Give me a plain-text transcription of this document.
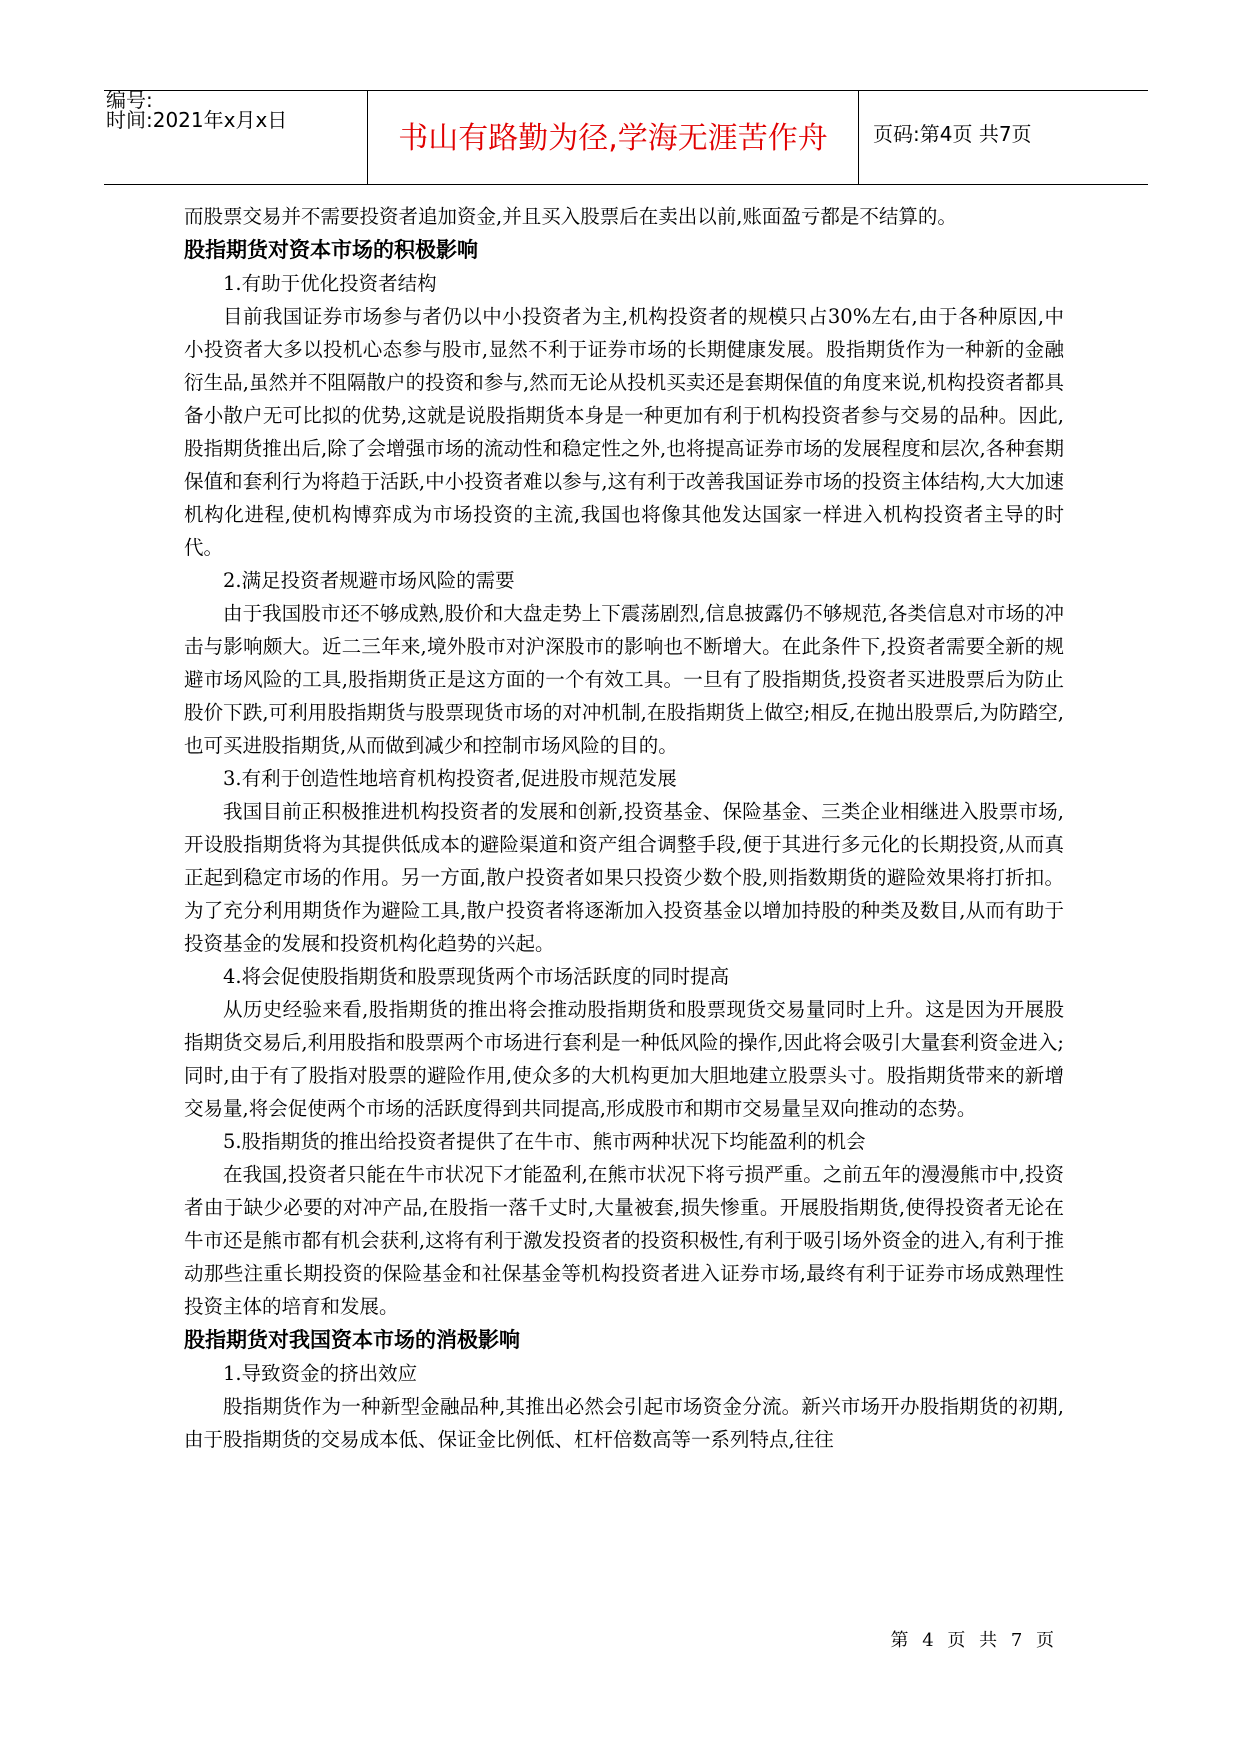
编号:
时间:2021年x月x日
书山有路勤为径,学海无涯苦作舟	页码:第4页 共7页

而股票交易并不需要投资者追加资金,并且买入股票后在卖出以前,账面盈亏都是不结算的。

股指期货对资本市场的积极影响

1.有助于优化投资者结构

目前我国证券市场参与者仍以中小投资者为主,机构投资者的规模只占30%左右,由于各种原因,中小投资者大多以投机心态参与股市,显然不利于证券市场的长期健康发展。股指期货作为一种新的金融衍生品,虽然并不阻隔散户的投资和参与,然而无论从投机买卖还是套期保值的角度来说,机构投资者都具备小散户无可比拟的优势,这就是说股指期货本身是一种更加有利于机构投资者参与交易的品种。因此,股指期货推出后,除了会增强市场的流动性和稳定性之外,也将提高证券市场的发展程度和层次,各种套期保值和套利行为将趋于活跃,中小投资者难以参与,这有利于改善我国证券市场的投资主体结构,大大加速机构化进程,使机构博弈成为市场投资的主流,我国也将像其他发达国家一样进入机构投资者主导的时代。

2.满足投资者规避市场风险的需要

由于我国股市还不够成熟,股价和大盘走势上下震荡剧烈,信息披露仍不够规范,各类信息对市场的冲击与影响颇大。近二三年来,境外股市对沪深股市的影响也不断增大。在此条件下,投资者需要全新的规避市场风险的工具,股指期货正是这方面的一个有效工具。一旦有了股指期货,投资者买进股票后为防止股价下跌,可利用股指期货与股票现货市场的对冲机制,在股指期货上做空;相反,在抛出股票后,为防踏空,也可买进股指期货,从而做到减少和控制市场风险的目的。

3.有利于创造性地培育机构投资者,促进股市规范发展

我国目前正积极推进机构投资者的发展和创新,投资基金、保险基金、三类企业相继进入股票市场,开设股指期货将为其提供低成本的避险渠道和资产组合调整手段,便于其进行多元化的长期投资,从而真正起到稳定市场的作用。另一方面,散户投资者如果只投资少数个股,则指数期货的避险效果将打折扣。为了充分利用期货作为避险工具,散户投资者将逐渐加入投资基金以增加持股的种类及数目,从而有助于投资基金的发展和投资机构化趋势的兴起。

4.将会促使股指期货和股票现货两个市场活跃度的同时提高

从历史经验来看,股指期货的推出将会推动股指期货和股票现货交易量同时上升。这是因为开展股指期货交易后,利用股指和股票两个市场进行套利是一种低风险的操作,因此将会吸引大量套利资金进入;同时,由于有了股指对股票的避险作用,使众多的大机构更加大胆地建立股票头寸。股指期货带来的新增交易量,将会促使两个市场的活跃度得到共同提高,形成股市和期市交易量呈双向推动的态势。

5.股指期货的推出给投资者提供了在牛市、熊市两种状况下均能盈利的机会

在我国,投资者只能在牛市状况下才能盈利,在熊市状况下将亏损严重。之前五年的漫漫熊市中,投资者由于缺少必要的对冲产品,在股指一落千丈时,大量被套,损失惨重。开展股指期货,使得投资者无论在牛市还是熊市都有机会获利,这将有利于激发投资者的投资积极性,有利于吸引场外资金的进入,有利于推动那些注重长期投资的保险基金和社保基金等机构投资者进入证券市场,最终有利于证券市场成熟理性投资主体的培育和发展。

股指期货对我国资本市场的消极影响

1.导致资金的挤出效应

股指期货作为一种新型金融品种,其推出必然会引起市场资金分流。新兴市场开办股指期货的初期,由于股指期货的交易成本低、保证金比例低、杠杆倍数高等一系列特点,往往

第 4 页 共 7 页
